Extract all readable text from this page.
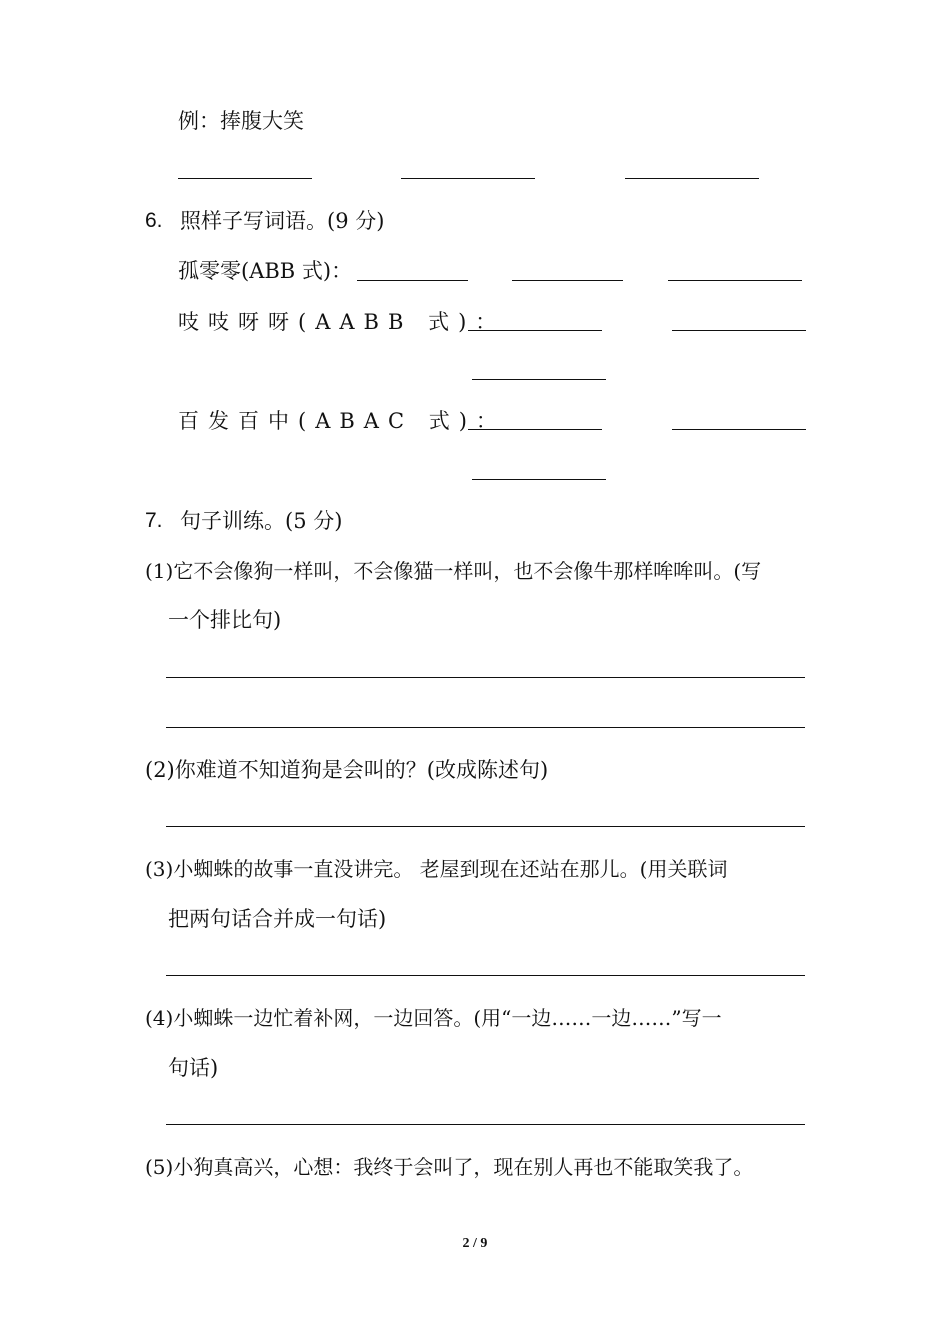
例：捧腹大笑
6. 照样子写词语。(9 分)
孤零零(ABB 式)：
吱吱呀呀(AABB 式)：
百发百中(ABAC 式)：
7. 句子训练。(5 分)
(1)它不会像狗一样叫，不会像猫一样叫，也不会像牛那样哞哞叫。(写
一个排比句)
(2)你难道不知道狗是会叫的？(改成陈述句)
(3)小蜘蛛的故事一直没讲完。 老屋到现在还站在那儿。(用关联词
把两句话合并成一句话)
(4)小蜘蛛一边忙着补网，一边回答。(用“一边……一边……”写一
句话)
(5)小狗真高兴，心想：我终于会叫了，现在别人再也不能取笑我了。
2 / 9
